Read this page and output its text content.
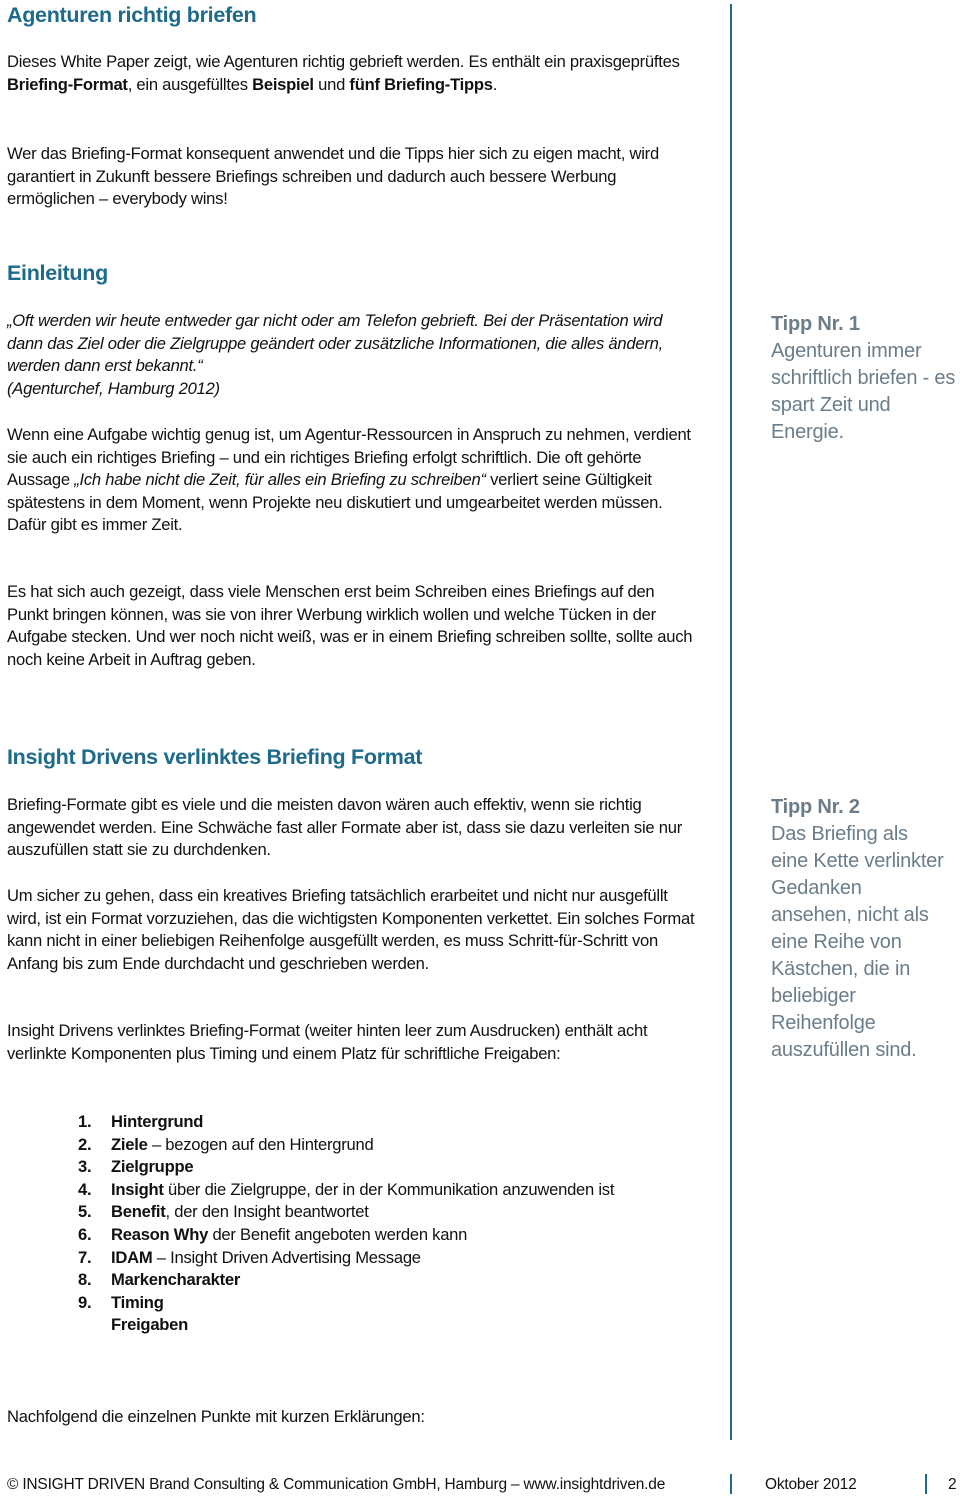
Agenturen richtig briefen
Dieses White Paper zeigt, wie Agenturen richtig gebrieft werden. Es enthält ein praxisgeprüftes Briefing-Format, ein ausgefülltes Beispiel und fünf Briefing-Tipps.
Wer das Briefing-Format konsequent anwendet und die Tipps hier sich zu eigen macht, wird garantiert in Zukunft bessere Briefings schreiben und dadurch auch bessere Werbung ermöglichen – everybody wins!
Einleitung
„Oft werden wir heute entweder gar nicht oder am Telefon gebrieft. Bei der Präsentation wird dann das Ziel oder die Zielgruppe geändert oder zusätzliche Informationen, die alles ändern, werden dann erst bekannt.“
(Agenturchef, Hamburg 2012)
Wenn eine Aufgabe wichtig genug ist, um Agentur-Ressourcen in Anspruch zu nehmen, verdient sie auch ein richtiges Briefing – und ein richtiges Briefing erfolgt schriftlich. Die oft gehörte Aussage „Ich habe nicht die Zeit, für alles ein Briefing zu schreiben“ verliert seine Gültigkeit spätestens in dem Moment, wenn Projekte neu diskutiert und umgearbeitet werden müssen. Dafür gibt es immer Zeit.
Es hat sich auch gezeigt, dass viele Menschen erst beim Schreiben eines Briefings auf den Punkt bringen können, was sie von ihrer Werbung wirklich wollen und welche Tücken in der Aufgabe stecken. Und wer noch nicht weiß, was er in einem Briefing schreiben sollte, sollte auch noch keine Arbeit in Auftrag geben.
Tipp Nr. 1
Agenturen immer schriftlich briefen - es spart Zeit und Energie.
Insight Drivens verlinktes Briefing Format
Briefing-Formate gibt es viele und die meisten davon wären auch effektiv, wenn sie richtig angewendet werden. Eine Schwäche fast aller Formate aber ist, dass sie dazu verleiten sie nur auszufüllen statt sie zu durchdenken.
Um sicher zu gehen, dass ein kreatives Briefing tatsächlich erarbeitet und nicht nur ausgefüllt wird, ist ein Format vorzuziehen, das die wichtigsten Komponenten verkettet. Ein solches Format kann nicht in einer beliebigen Reihenfolge ausgefüllt werden, es muss Schritt-für-Schritt von Anfang bis zum Ende durchdacht und geschrieben werden.
Insight Drivens verlinktes Briefing-Format (weiter hinten leer zum Ausdrucken) enthält acht verlinkte Komponenten plus Timing und einem Platz für schriftliche Freigaben:
Tipp Nr. 2
Das Briefing als eine Kette verlinkter Gedanken ansehen, nicht als eine Reihe von Kästchen, die in beliebiger Reihenfolge auszufüllen sind.
1. Hintergrund
2. Ziele – bezogen auf den Hintergrund
3. Zielgruppe
4. Insight über die Zielgruppe, der in der Kommunikation anzuwenden ist
5. Benefit, der den Insight beantwortet
6. Reason Why der Benefit angeboten werden kann
7. IDAM – Insight Driven Advertising Message
8. Markencharakter
9. Timing
Freigaben
Nachfolgend die einzelnen Punkte mit kurzen Erklärungen:
© INSIGHT DRIVEN Brand Consulting & Communication GmbH, Hamburg – www.insightdriven.de	Oktober 2012	2
